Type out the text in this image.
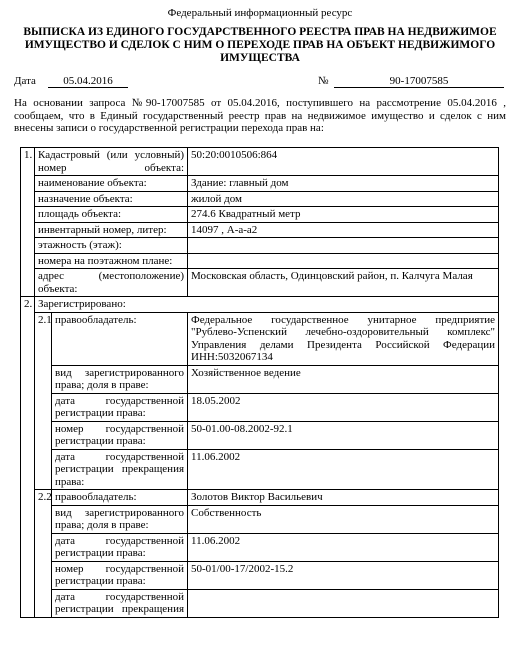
Федеральный информационный ресурс
ВЫПИСКА ИЗ ЕДИНОГО ГОСУДАРСТВЕННОГО РЕЕСТРА ПРАВ НА НЕДВИЖИМОЕ ИМУЩЕСТВО И СДЕЛОК С НИМ О ПЕРЕХОДЕ ПРАВ НА ОБЪЕКТ НЕДВИЖИМОГО ИМУЩЕСТВА
Дата	05.04.2016	№	90-17007585
На основании запроса №90-17007585 от 05.04.2016, поступившего на рассмотрение 05.04.2016 , сообщаем, что в Единый государственный реестр прав на недвижимое имущество и сделок с ним внесены записи о государственной регистрации перехода прав на:
1.	Кадастровый (или условный) номер объекта:		50:20:0010506:864
	наименование объекта:		Здание: главный дом
	назначение объекта:		жилой дом
	площадь объекта:		274.6 Квадратный метр
	инвентарный номер, литер:		14097 , А-а-а2
	этажность (этаж):		
	номера на поэтажном плане:		
	адрес (местоположение) объекта:		Московская область, Одинцовский район, п. Калчуга Малая
2.	Зарегистрировано:		
	2.1	правообладатель:	Федеральное государственное унитарное предприятие "Рублево-Успенский лечебно-оздоровительный комплекс" Управления делами Президента Российской Федерации ИНН:5032067134
		вид зарегистрированного права; доля в праве:	Хозяйственное ведение
		дата государственной регистрации права:	18.05.2002
		номер государственной регистрации права:	50-01.00-08.2002-92.1
		дата государственной регистрации прекращения права:	11.06.2002
	2.2	правообладатель:	Золотов Виктор Васильевич
		вид зарегистрированного права; доля в праве:	Собственность
		дата государственной регистрации права:	11.06.2002
		номер государственной регистрации права:	50-01/00-17/2002-15.2
		дата государственной регистрации прекращения	
